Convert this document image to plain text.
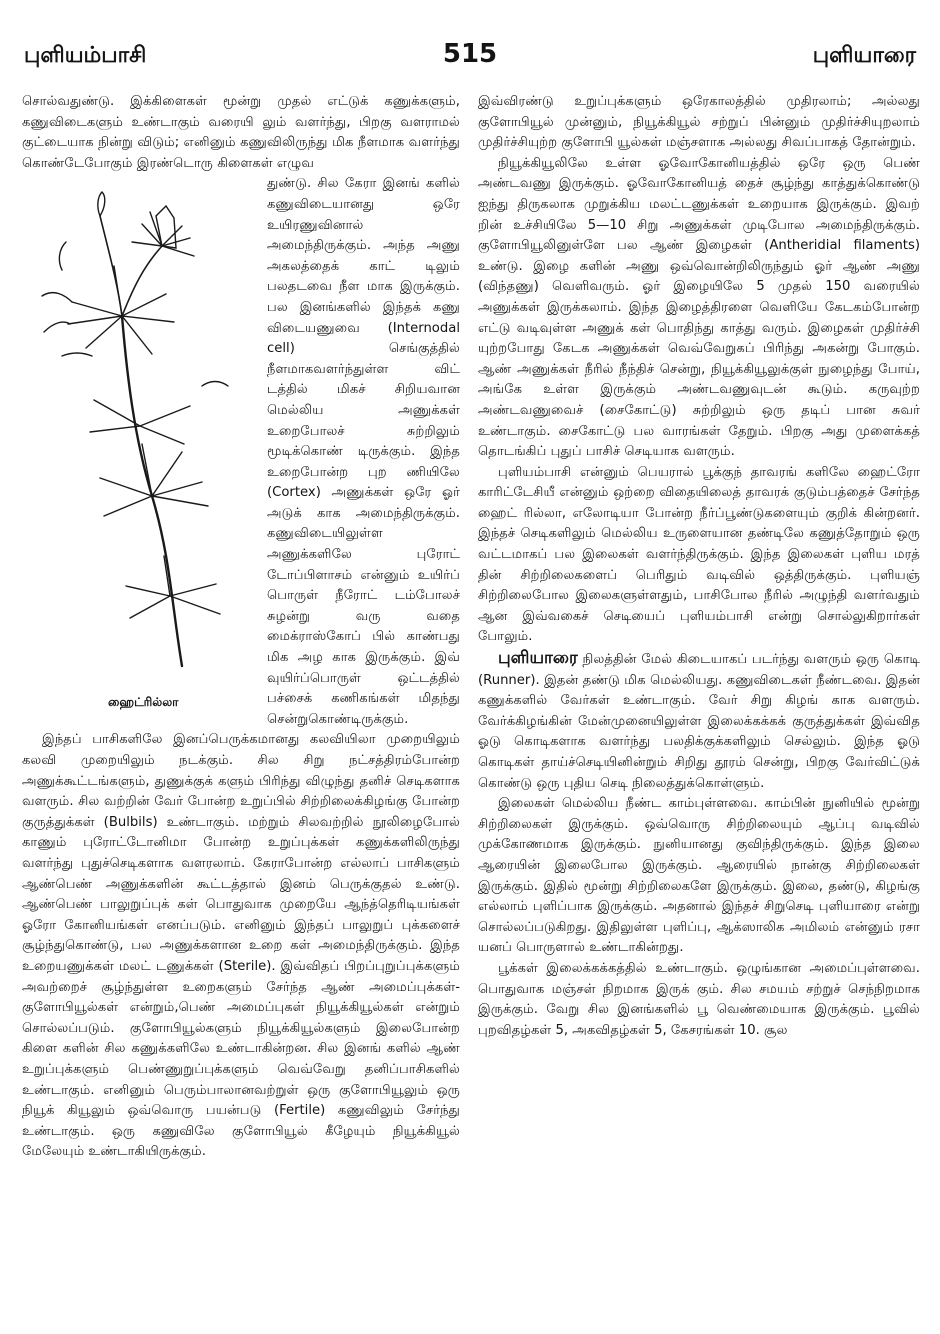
புளியம்பாசி	515	புளியாரை

சொல்வதுண்டு. இக்கிளைகள் மூன்று முதல் எட்டுக் கணுக்களும், கணுவிடைகளும் உண்டாகும் வரையி லும் வளர்ந்து, பிறகு வளராமல் குட்டையாக நின்று விடும்; எனினும் கணுவிலிருந்து மிக நீளமாக வளர்ந்து கொண்டேபோகும் இரண்டொரு கிளைகள் எழுவ

ஹைட்ரில்லா

துண்டு. சில கேரா இனங் களில் கணுவிடையானது ஒரே உயிரணுவினால் அமைந்திருக்கும். அந்த அணு அகலத்தைக் காட் டிலும் பலதடவை நீள மாக இருக்கும். பல இனங்களில் இந்தக் கணு விடையணுவை (Internodal cell) செங்குத்தில் நீளமாகவளர்ந்துள்ள விட் டத்தில் மிகச் சிறியவான மெல்லிய அணுக்கள் உறைபோலச் சுற்றிலும் மூடிக்கொண் டிருக்கும். இந்த உறைபோன்ற புற ணியிலே (Cortex) அணுக்கள் ஒரே ஓர் அடுக் காக அமைந்திருக்கும். கணுவிடையிலுள்ள அணுக்களிலே புரோட் டோப்பிளாசம் என்னும் உயிர்ப் பொருள் நீரோட் டம்போலச் சுழன்று வரு வதை மைக்ராஸ்கோப் பில் காண்பது மிக அழ காக இருக்கும். இவ் வுயிர்ப்பொருள் ஒட்டத்தில் பச்சைக் கணிகங்கள் மிதந்து சென்றுகொண்டிருக்கும்.

இந்தப் பாசிகளிலே இனப்பெருக்கமானது கலவியிலா முறையிலும் கலவி முறையிலும் நடக்கும். சில சிறு நட்சத்திரம்போன்ற அணுக்கூட்டங்களும், துணுக்குக் களும் பிரிந்து விழுந்து தனிச் செடிகளாக வளரும். சில வற்றின் வேர் போன்ற உறுப்பில் சிற்றிலைக்கிழங்கு போன்ற குருத்துக்கள் (Bulbils) உண்டாகும். மற்றும் சிலவற்றில் நூலிழைபோல் காணும் புரோட்டோனிமா போன்ற உறுப்புக்கள் கணுக்களிலிருந்து வளர்ந்து புதுச்செடிகளாக வளரலாம். கேராபோன்ற எல்லாப் பாசிகளும் ஆண்பெண் அணுக்களின் கூட்டத்தால் இனம் பெருக்குதல் உண்டு. ஆண்பெண் பாலுறுப்புக் கள் பொதுவாக முறையே ஆந்த்தெரிடியங்கள் ஓரோ கோனியங்கள் எனப்படும். எனினும் இந்தப் பாலுறுப் புக்களைச் சூழ்ந்துகொண்டு, பல அணுக்களான உறை கள் அமைந்திருக்கும். இந்த உறையணுக்கள் மலட் டணுக்கள் (Sterile). இவ்விதப் பிறப்புறுப்புக்களும் அவற்றைச் சூழ்ந்துள்ள உறைகளும் சேர்ந்த ஆண் அமைப்புக்கள்-குளோபியூல்கள் என்றும்,பெண் அமைப்புகள் நியூக்கியூல்கள் என்றும் சொல்லப்படும். குளோபியூல்களும் நியூக்கியூல்களும் இலைபோன்ற கிளை களின் சில கணுக்களிலே உண்டாகின்றன. சில இனங் களில் ஆண் உறுப்புக்களும் பெண்ணுறுப்புக்களும் வெவ்வேறு தனிப்பாசிகளில் உண்டாகும். எனினும் பெரும்பாலானவற்றுள் ஒரு குளோபியூலும் ஒரு நியூக் கியூலும் ஒவ்வொரு பயன்படு (Fertile) கணுவிலும் சேர்ந்து உண்டாகும். ஒரு கணுவிலே குளோபியூல் கீழேயும் நியூக்கியூல் மேலேயும் உண்டாகியிருக்கும்.

இவ்விரண்டு உறுப்புக்களும் ஒரேகாலத்தில் முதிரலாம்; அல்லது குளோபியூல் முன்னும், நியூக்கியூல் சற்றுப் பின்னும் முதிர்ச்சியுறலாம் முதிர்ச்சியுற்ற குளோபி யூல்கள் மஞ்சளாக அல்லது சிவப்பாகத் தோன்றும்.

நியூக்கியூலிலே உள்ள ஓவோகோனியத்தில் ஒரே ஒரு பெண் அண்டவணு இருக்கும். ஓவோகோனியத் தைச் சூழ்ந்து காத்துக்கொண்டு ஐந்து திருகலாக முறுக்கிய மலட்டணுக்கள் உறையாக இருக்கும். இவற் றின் உச்சியிலே 5—10 சிறு அணுக்கள் முடிபோல அமைந்திருக்கும். குளோபியூலினுள்ளே பல ஆண் இழைகள் (Antheridial filaments) உண்டு. இழை களின் அணு ஒவ்வொன்றிலிருந்தும் ஓர் ஆண் அணு (விந்தணு) வெளிவரும். ஓர் இழையிலே 5 முதல் 150 வரையில் அணுக்கள் இருக்கலாம். இந்த இழைத்திரளை வெளியே கேடகம்போன்ற எட்டு வடிவுள்ள அணுக் கள் பொதிந்து காத்து வரும். இழைகள் முதிர்ச்சி யுற்றபோது கேடக அணுக்கள் வெவ்வேறுகப் பிரிந்து அகன்று போகும். ஆண் அணுக்கள் நீரில் நீந்திச் சென்று, நியூக்கியூலுக்குள் நுழைந்து போய், அங்கே உள்ள இருக்கும் அண்டவணுவுடன் கூடும். கருவுற்ற அண்டவணுவைச் (சைகோட்டு) சுற்றிலும் ஒரு தடிப் பான சுவர் உண்டாகும். சைகோட்டு பல வாரங்கள் தேறும். பிறகு அது முளைக்கத் தொடங்கிப் புதுப் பாசிச் செடியாக வளரும்.

புளியம்பாசி என்னும் பெயரால் பூக்குந் தாவரங் களிலே ஹைட்ரோ காரிட்டேசியீ என்னும் ஒற்றை விதையிலைத் தாவரக் குடும்பத்தைச் சேர்ந்த ஹைட் ரில்லா, எலோடியா போன்ற நீர்ப்பூண்டுகளையும் குறிக் கின்றனர். இந்தச் செடிகளிலும் மெல்லிய உருளையான தண்டிலே கணுத்தோறும் ஒரு வட்டமாகப் பல இலைகள் வளர்ந்திருக்கும். இந்த இலைகள் புளிய மரத் தின் சிற்றிலைகளைப் பெரிதும் வடிவில் ஒத்திருக்கும். புளியஞ் சிற்றிலைபோல இலைகளுள்ளதும், பாசிபோல நீரில் அழுந்தி வளர்வதும் ஆன இவ்வகைச் செடியைப் புளியம்பாசி என்று சொல்லுகிறார்கள் போலும்.

புளியாரை நிலத்தின் மேல் கிடையாகப் படர்ந்து வளரும் ஒரு கொடி (Runner). இதன் தண்டு மிக மெல்லியது. கணுவிடைகள் நீண்டவை. இதன் கணுக்களில் வேர்கள் உண்டாகும். வேர் சிறு கிழங் காக வளரும். வேர்க்கிழங்கின் மேன்முனையிலுள்ள இலைக்கக்கக் குருத்துக்கள் இவ்வித ஓடு கொடிகளாக வளர்ந்து பலதிக்குக்களிலும் செல்லும். இந்த ஓடு கொடிகள் தாய்ச்செடியினின்றும் சிறிது தூரம் சென்று, பிறகு வேர்விட்டுக் கொண்டு ஒரு புதிய செடி நிலைத்துக்கொள்ளும்.

இலைகள் மெல்லிய நீண்ட காம்புள்ளவை. காம்பின் நுனியில் மூன்று சிற்றிலைகள் இருக்கும். ஒவ்வொரு சிற்றிலையும் ஆப்பு வடிவில் முக்கோணமாக இருக்கும். நுனியானது குவிந்திருக்கும். இந்த இலை ஆரையின் இலைபோல இருக்கும். ஆரையில் நான்கு சிற்றிலைகள் இருக்கும். இதில் மூன்று சிற்றிலைகளே இருக்கும். இலை, தண்டு, கிழங்கு எல்லாம் புளிப்பாக இருக்கும். அதனால் இந்தச் சிறுசெடி புளியாரை என்று சொல்லப்படுகிறது. இதிலுள்ள புளிப்பு, ஆக்ஸாலிக அமிலம் என்னும் ரசா யனப் பொருளால் உண்டாகின்றது.

பூக்கள் இலைக்கக்கத்தில் உண்டாகும். ஒழுங்கான அமைப்புள்ளவை. பொதுவாக மஞ்சள் நிறமாக இருக் கும். சில சமயம் சற்றுச் செந்நிறமாக இருக்கும். வேறு சில இனங்களில் பூ வெண்மையாக இருக்கும். பூவில் புறவிதழ்கள் 5, அகவிதழ்கள் 5, கேசரங்கள் 10. சூல
